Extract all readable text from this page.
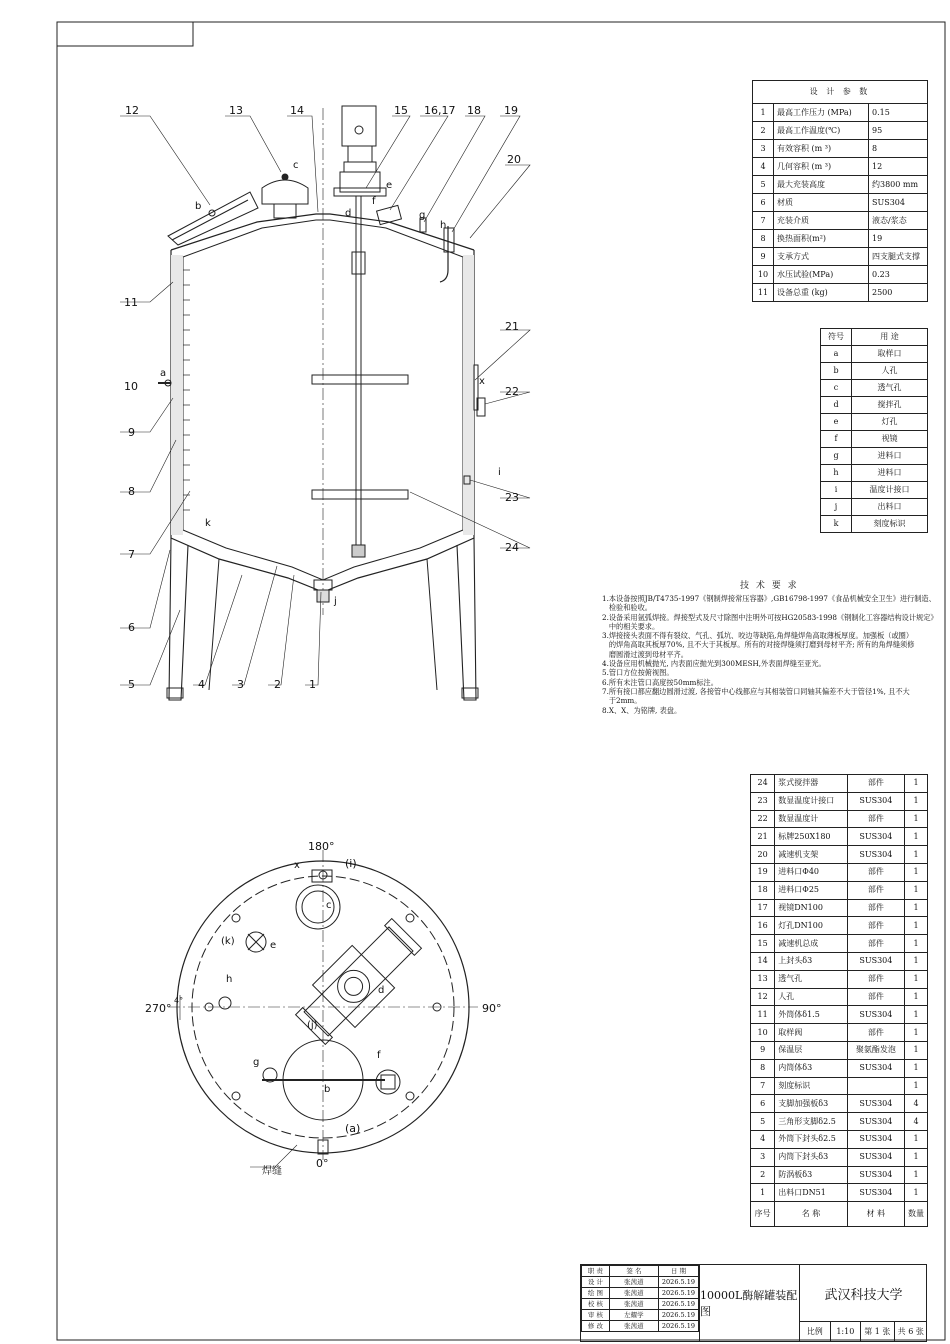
12	13	14	15 16,17 18 19
20
11
10
9
8
7
6
5	4	3	2	1
21
22
23
24
a
b
c
d
e
f
g
h
i
j
k
x
180°
270°	90°
0°
4°
焊缝
x	(i)
c
(k)	e
h
d
(j)
g
f
b
(a)
设 计 参 数
1	最高工作压力 (MPa)	0.15
2	最高工作温度(℃)	95
3	有效容积 (m ³)	8
4	几何容积 (m ³)	12
5	最大充装高度	约3800 mm
6	材质	SUS304
7	充装介质	液态/浆态
8	换热面积(m²)	19
9	支承方式	四支腿式支撑
10	水压试验(MPa)	0.23
11	设备总重 (kg)	2500
符号	用 途
a	取样口
b	人孔
c	透气孔
d	搅拌孔
e	灯孔
f	视镜
g	进料口
h	进料口
i	温度计接口
j	出料口
k	刻度标识
技 术 要 求
1.本设备按照JB/T4735-1997《钢制焊接常压容器》,GB16798-1997《食品机械安全卫生》进行制造、
检验和验收。
2.设备采用氩弧焊接。焊接型式及尺寸除图中注明外可按HG20583-1998《钢制化工容器结构设计规定》
中的相关要求。
3.焊接接头表面不得有裂纹、气孔、弧坑、咬边等缺陷,角焊缝焊角高取薄板厚度。加强板（或圈）
的焊角高取其板厚70%, 且不大于其板厚。所有的对接焊缝须打磨到母材平齐; 所有的角焊缝须修
磨圆滑过渡到母材平齐。
4.设备应用机械抛光, 内表面应抛光到300MESH,外表面焊缝至亚光。
5.管口方位按俯视图。
6.所有未注管口高度按50mm标注。
7.所有接口都应翻边圆滑过渡, 各接管中心线都应与其相装管口同轴其偏差不大于管径1%, 且不大
于2mm。
8.X、X、为铭牌, 表盘。
24	浆式搅拌器	部件	1
23	数显温度计接口	SUS304	1
22	数显温度计	部件	1
21	标牌250X180	SUS304	1
20	减速机支架	SUS304	1
19	进料口Φ40	部件	1
18	进料口Φ25	部件	1
17	视镜DN100	部件	1
16	灯孔DN100	部件	1
15	减速机总成	部件	1
14	上封头δ3	SUS304	1
13	透气孔	部件	1
12	人孔	部件	1
11	外筒体δ1.5	SUS304	1
10	取样阀	部件	1
9	保温层	聚氨酯发泡	1
8	内筒体δ3	SUS304	1
7	刻度标识		1
6	支脚加强板δ3	SUS304	4
5	三角形支脚δ2.5	SUS304	4
4	外筒下封头δ2.5	SUS304	1
3	内筒下封头δ3	SUS304	1
2	防涡板δ3	SUS304	1
1	出料口DN51	SUS304	1
序号	名 称	材 料	数量
职 责	签 名	日 期
设 计	张茜道	2026.5.19
绘 图	张茜道	2026.5.19
校 核	张茜道	2026.5.19
审 核	左耀学	2026.5.19
修 改	张茜道	2026.5.19
10000L酶解罐装配图
武汉科技大学
比例	1:10	第 1 张 共 6 张
